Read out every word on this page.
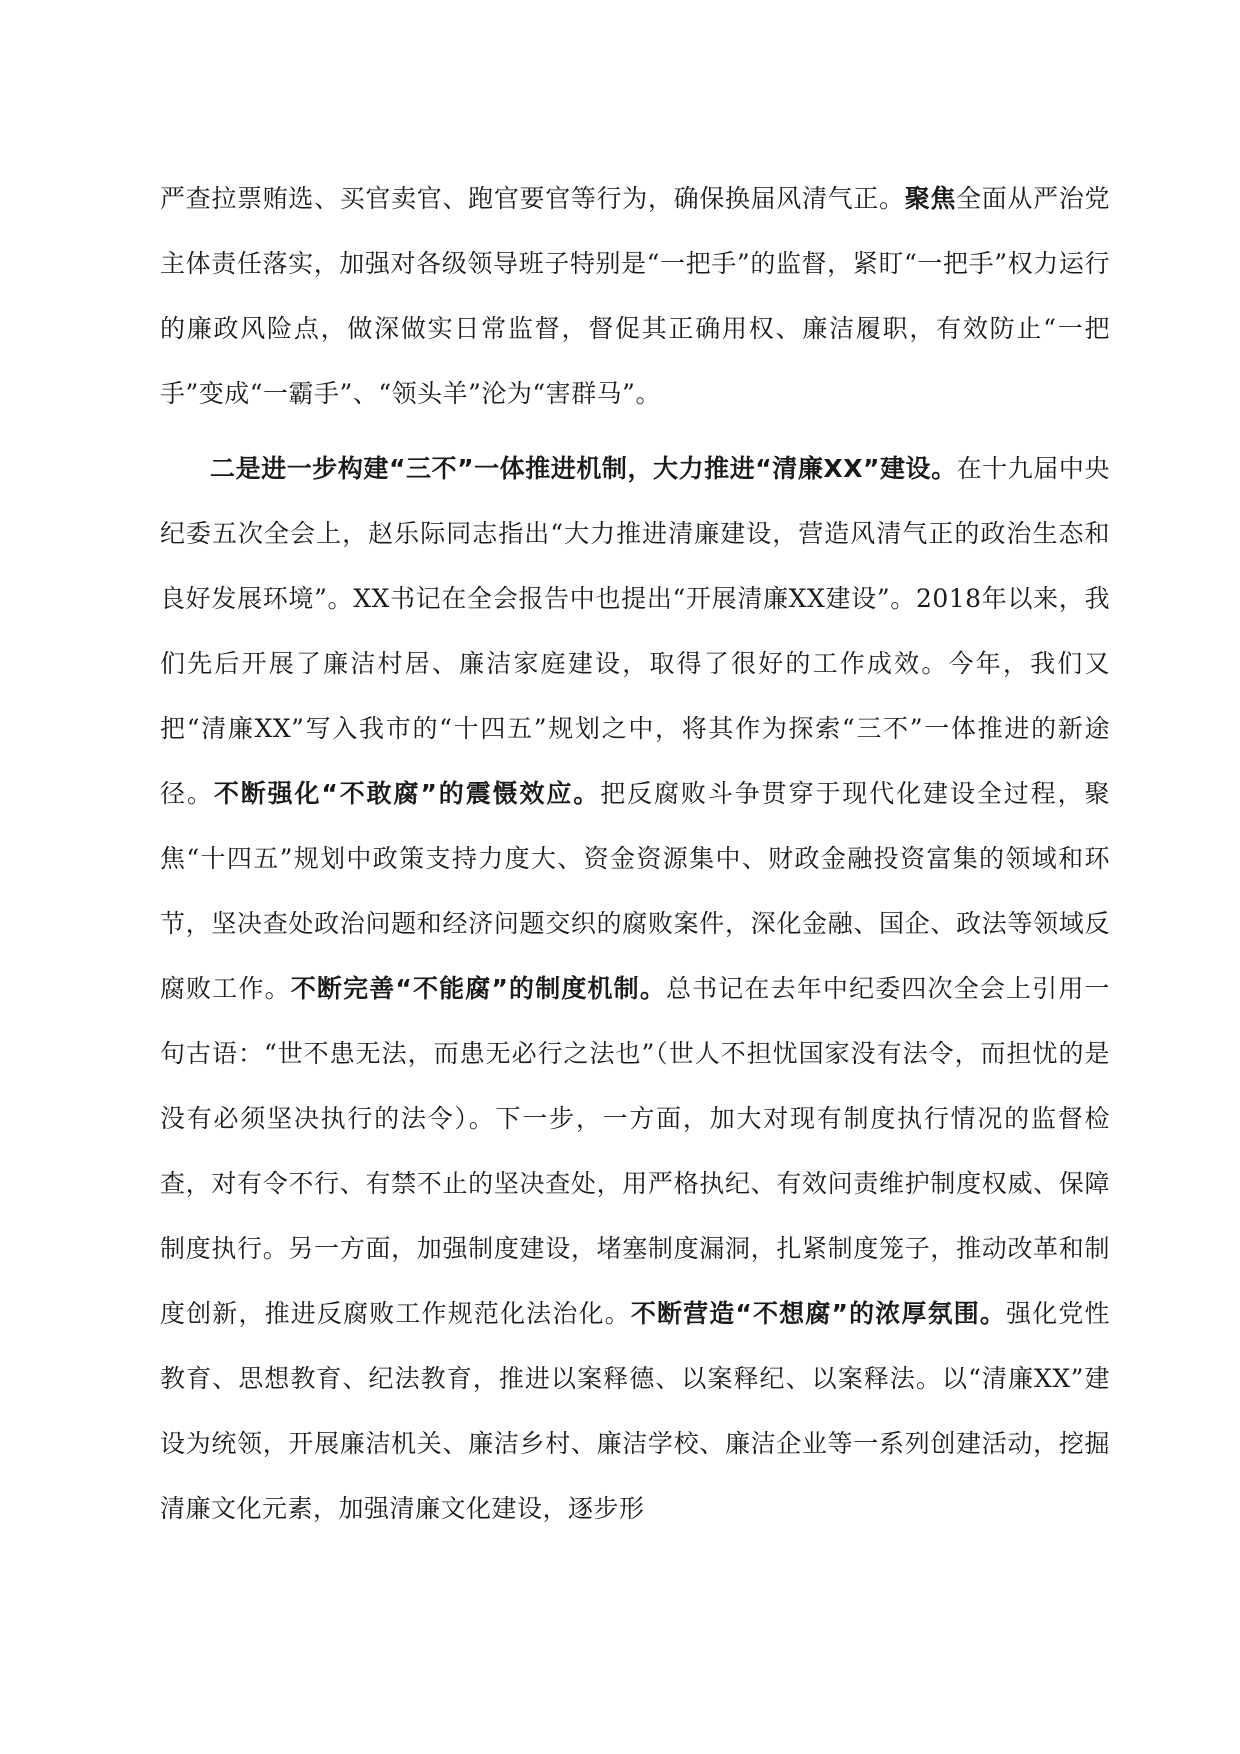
严查拉票贿选、买官卖官、跑官要官等行为，确保换届风清气正。聚焦全面从严治党主体责任落实，加强对各级领导班子特别是“一把手”的监督，紧盯“一把手”权力运行的廉政风险点，做深做实日常监督，督促其正确用权、廉洁履职，有效防止“一把手”变成“一霸手”、“领头羊”沦为“害群马”。

二是进一步构建“三不”一体推进机制，大力推进“清廉XX”建设。在十九届中央纪委五次全会上，赵乐际同志指出“大力推进清廉建设，营造风清气正的政治生态和良好发展环境”。XX书记在全会报告中也提出“开展清廉XX建设”。2018年以来，我们先后开展了廉洁村居、廉洁家庭建设，取得了很好的工作成效。今年，我们又把“清廉XX”写入我市的“十四五”规划之中，将其作为探索“三不”一体推进的新途径。不断强化“不敢腐”的震慑效应。把反腐败斗争贯穿于现代化建设全过程，聚焦“十四五”规划中政策支持力度大、资金资源集中、财政金融投资富集的领域和环节，坚决查处政治问题和经济问题交织的腐败案件，深化金融、国企、政法等领域反腐败工作。不断完善“不能腐”的制度机制。总书记在去年中纪委四次全会上引用一句古语：“世不患无法，而患无必行之法也”（世人不担忧国家没有法令，而担忧的是没有必须坚决执行的法令）。下一步，一方面，加大对现有制度执行情况的监督检查，对有令不行、有禁不止的坚决查处，用严格执纪、有效问责维护制度权威、保障制度执行。另一方面，加强制度建设，堵塞制度漏洞，扎紧制度笼子，推动改革和制度创新，推进反腐败工作规范化法治化。不断营造“不想腐”的浓厚氛围。强化党性教育、思想教育、纪法教育，推进以案释德、以案释纪、以案释法。以“清廉XX”建设为统领，开展廉洁机关、廉洁乡村、廉洁学校、廉洁企业等一系列创建活动，挖掘清廉文化元素，加强清廉文化建设，逐步形
